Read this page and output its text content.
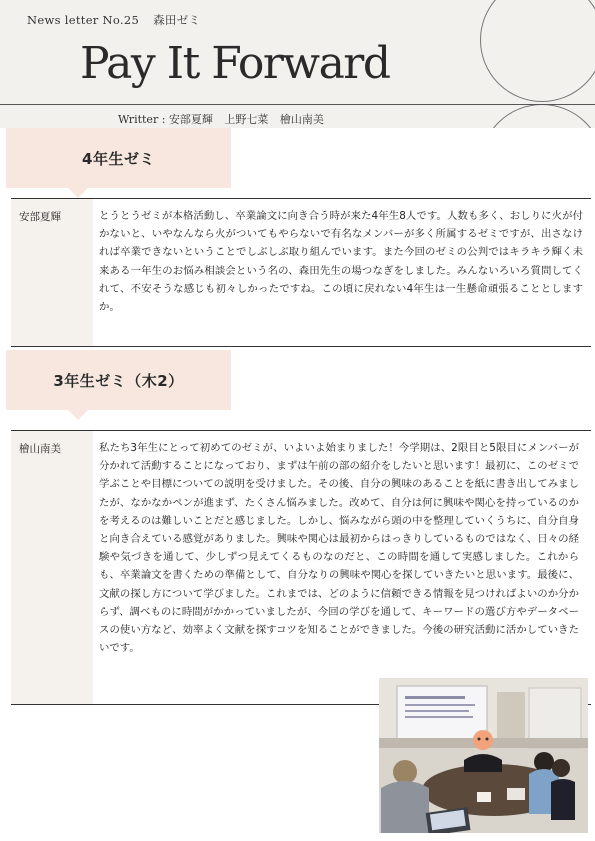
News letter No.25 森田ゼミ
Pay It Forward
Writter : 安部夏輝 上野七菜 檜山南美
4年生ゼミ
安部夏輝	とうとうゼミが本格活動し、卒業論文に向き合う時が来た4年生8人です。人数も多く、おしりに火が付かないと、いやなんなら火がついてもやらないで有名なメンバーが多く所属するゼミですが、出さなければ卒業できないということでしぶしぶ取り組んでいます。また今回のゼミの公判ではキラキラ輝く未来ある一年生のお悩み相談会という名の、森田先生の場つなぎをしました。みんないろいろ質問してくれて、不安そうな感じも初々しかったですね。この頃に戻れない4年生は一生懸命頑張ることとしますか。
3年生ゼミ（木2）
檜山南美	私たち3年生にとって初めてのゼミが、いよいよ始まりました！今学期は、2限目と5限目にメンバーが分かれて活動することになっており、まずは午前の部の紹介をしたいと思います！最初に、このゼミで学ぶことや目標についての説明を受けました。その後、自分の興味のあることを紙に書き出してみましたが、なかなかペンが進まず、たくさん悩みました。改めて、自分は何に興味や関心を持っているのかを考えるのは難しいことだと感じました。しかし、悩みながら頭の中を整理していくうちに、自分自身と向き合えている感覚がありました。興味や関心は最初からはっきりしているものではなく、日々の経験や気づきを通して、少しずつ見えてくるものなのだと、この時間を通して実感しました。これからも、卒業論文を書くための準備として、自分なりの興味や関心を探していきたいと思います。最後に、文献の探し方について学びました。これまでは、どのように信頼できる情報を見つければよいのか分からず、調べものに時間がかかっていましたが、今回の学びを通して、キーワードの選び方やデータベースの使い方など、効率よく文献を探すコツを知ることができました。今後の研究活動に活かしていきたいです。
